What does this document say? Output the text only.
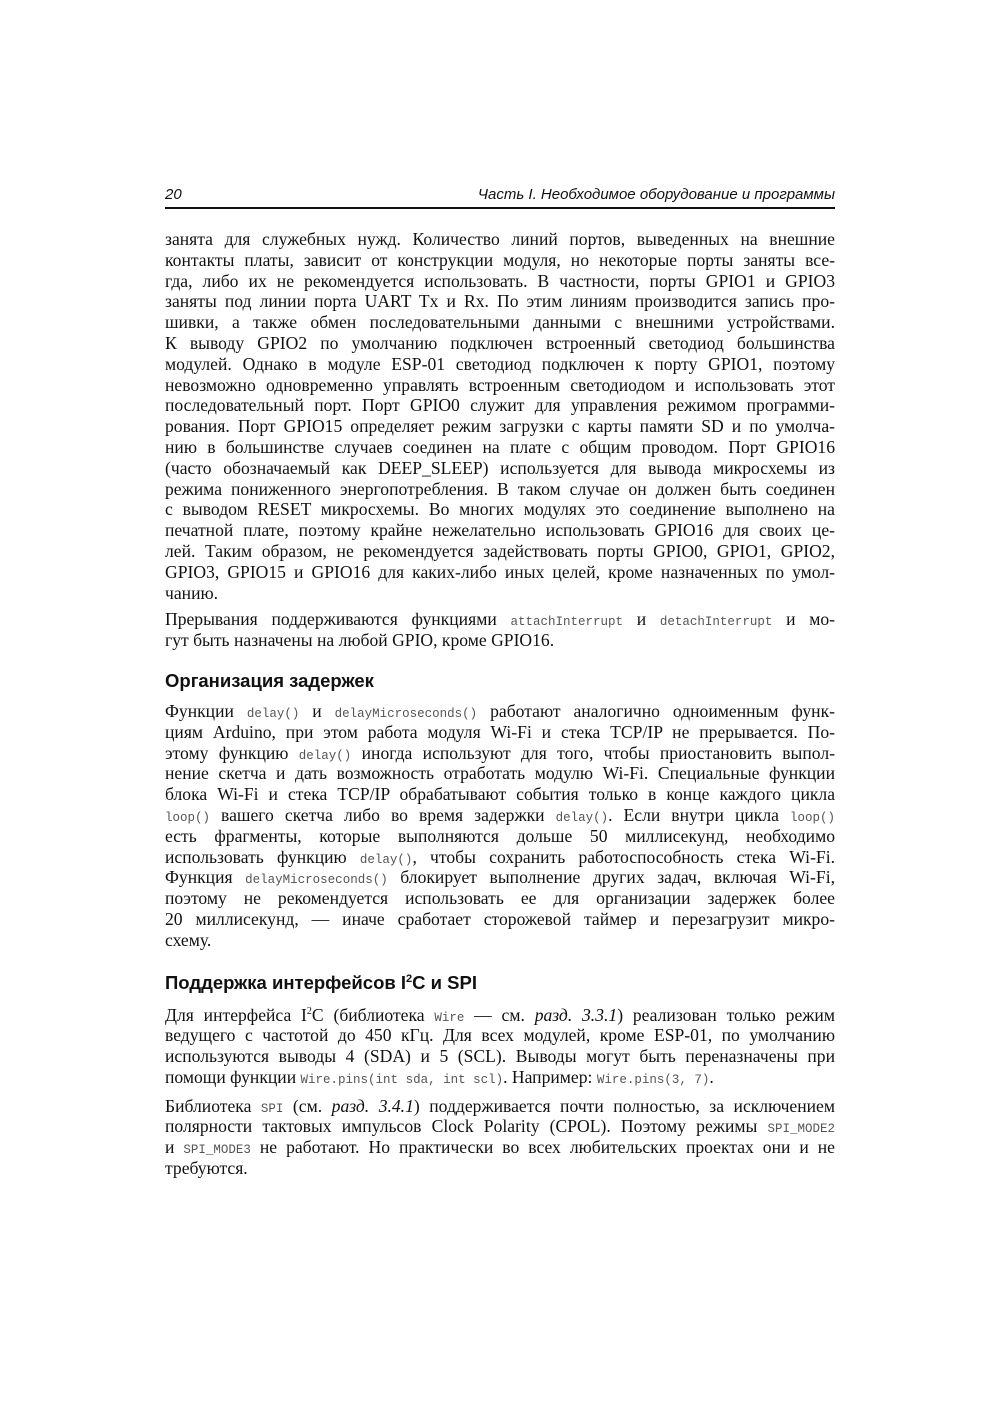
20	Часть I. Необходимое оборудование и программы
занята для служебных нужд. Количество линий портов, выведенных на внешние
контакты платы, зависит от конструкции модуля, но некоторые порты заняты все-
гда, либо их не рекомендуется использовать. В частности, порты GPIO1 и GPIO3
заняты под линии порта UART Tx и Rx. По этим линиям производится запись про-
шивки, а также обмен последовательными данными с внешними устройствами.
К выводу GPIO2 по умолчанию подключен встроенный светодиод большинства
модулей. Однако в модуле ESP-01 светодиод подключен к порту GPIO1, поэтому
невозможно одновременно управлять встроенным светодиодом и использовать этот
последовательный порт. Порт GPIO0 служит для управления режимом программи-
рования. Порт GPIO15 определяет режим загрузки с карты памяти SD и по умолча-
нию в большинстве случаев соединен на плате с общим проводом. Порт GPIO16
(часто обозначаемый как DEEP_SLEEP) используется для вывода микросхемы из
режима пониженного энергопотребления. В таком случае он должен быть соединен
с выводом RESET микросхемы. Во многих модулях это соединение выполнено на
печатной плате, поэтому крайне нежелательно использовать GPIO16 для своих це-
лей. Таким образом, не рекомендуется задействовать порты GPIO0, GPIO1, GPIO2,
GPIO3, GPIO15 и GPIO16 для каких-либо иных целей, кроме назначенных по умол-
чанию.
Прерывания поддерживаются функциями attachInterrupt и detachInterrupt и мо-
гут быть назначены на любой GPIO, кроме GPIO16.
Организация задержек
Функции delay() и delayMicroseconds() работают аналогично одноименным функ-
циям Arduino, при этом работа модуля Wi-Fi и стека TCP/IP не прерывается. По-
этому функцию delay() иногда используют для того, чтобы приостановить выпол-
нение скетча и дать возможность отработать модулю Wi-Fi. Специальные функции
блока Wi-Fi и стека TCP/IP обрабатывают события только в конце каждого цикла
loop() вашего скетча либо во время задержки delay(). Если внутри цикла loop()
есть фрагменты, которые выполняются дольше 50 миллисекунд, необходимо
использовать функцию delay(), чтобы сохранить работоспособность стека Wi-Fi.
Функция delayMicroseconds() блокирует выполнение других задач, включая Wi-Fi,
поэтому не рекомендуется использовать ее для организации задержек более
20 миллисекунд, — иначе сработает сторожевой таймер и перезагрузит микро-
схему.
Поддержка интерфейсов $I^2C$ и SPI
Для интерфейса $I^2C$ (библиотека Wire — см. разд. 3.3.1) реализован только режим
ведущего с частотой до 450 кГц. Для всех модулей, кроме ESP-01, по умолчанию
используются выводы 4 (SDA) и 5 (SCL). Выводы могут быть переназначены при
помощи функции Wire.pins(int sda, int scl). Например: Wire.pins(3, 7).
Библиотека SPI (см. разд. 3.4.1) поддерживается почти полностью, за исключением
полярности тактовых импульсов Clock Polarity (CPOL). Поэтому режимы SPI_MODE2
и SPI_MODE3 не работают. Но практически во всех любительских проектах они и не
требуются.
